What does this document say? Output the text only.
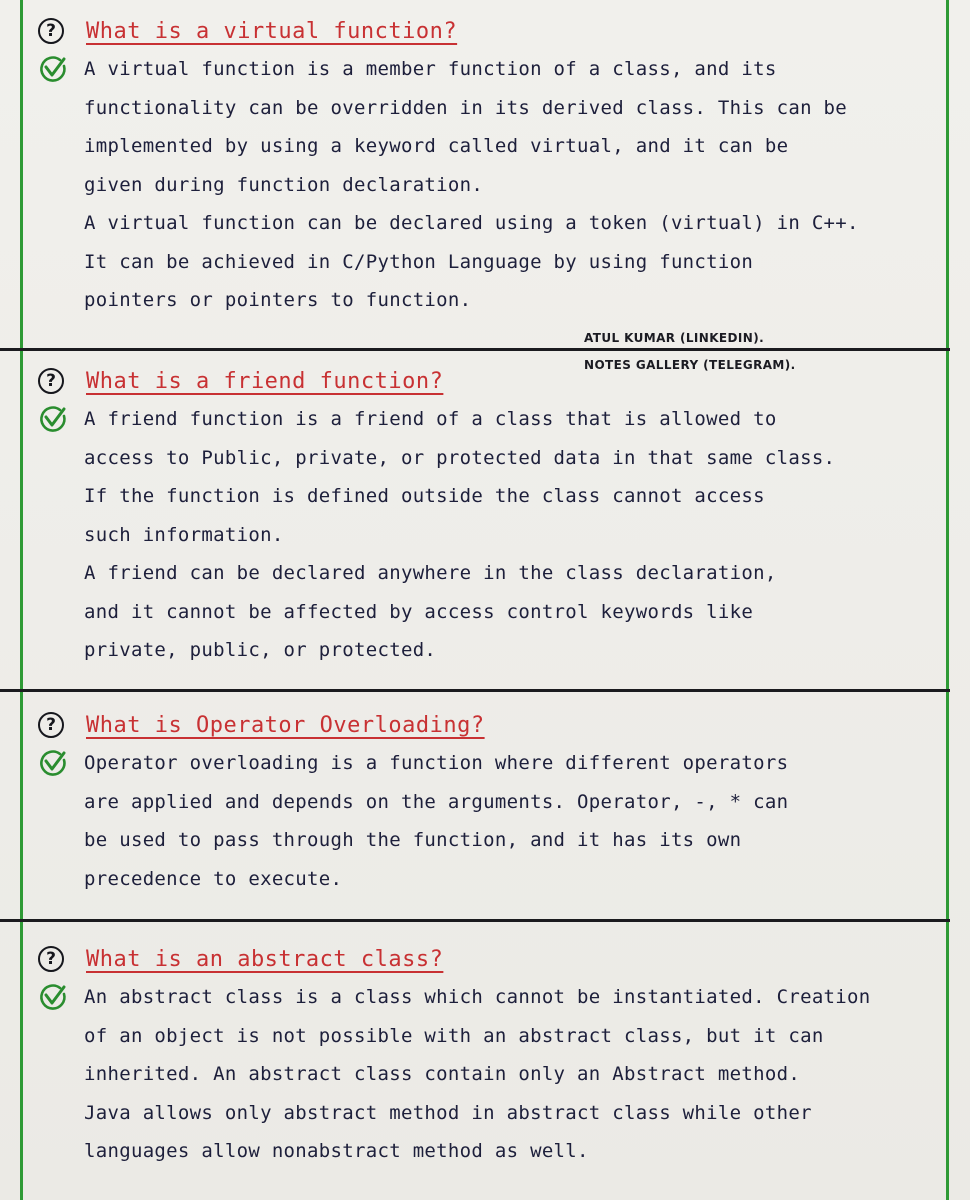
?	What is a virtual function?
A virtual function is a member function of a class, and its
functionality can be overridden in its derived class. This can be
implemented by using a keyword called virtual, and it can be
given during function declaration.
A virtual function can be declared using a token (virtual) in C++.
It can be achieved in C/Python Language by using function
pointers or pointers to function.
ATUL KUMAR (LINKEDIN).
NOTES GALLERY (TELEGRAM).
?	What is a friend function?
A friend function is a friend of a class that is allowed to
access to Public, private, or protected data in that same class.
If the function is defined outside the class cannot access
such information.
A friend can be declared anywhere in the class declaration,
and it cannot be affected by access control keywords like
private, public, or protected.
?	What is Operator Overloading?
Operator overloading is a function where different operators
are applied and depends on the arguments. Operator, -, * can
be used to pass through the function, and it has its own
precedence to execute.
?	What is an abstract class?
An abstract class is a class which cannot be instantiated. Creation
of an object is not possible with an abstract class, but it can
inherited. An abstract class contain only an Abstract method.
Java allows only abstract method in abstract class while other
languages allow nonabstract method as well.
